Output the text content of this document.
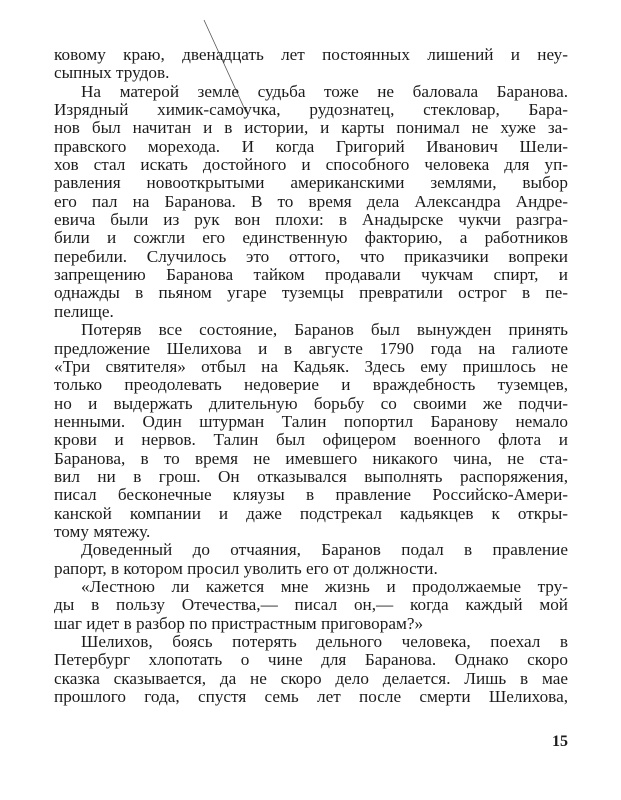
ковому краю, двенадцать лет постоянных лишений и неу-
сыпных трудов.
На матерой земле судьба тоже не баловала Баранова.
Изрядный химик-самоучка, рудознатец, стекловар, Бара-
нов был начитан и в истории, и карты понимал не хуже за-
правского морехода. И когда Григорий Иванович Шели-
хов стал искать достойного и способного человека для уп-
равления новооткрытыми американскими землями, выбор
его пал на Баранова. В то время дела Александра Андре-
евича были из рук вон плохи: в Анадырске чукчи разгра-
били и сожгли его единственную факторию, а работников
перебили. Случилось это оттого, что приказчики вопреки
запрещению Баранова тайком продавали чукчам спирт, и
однажды в пьяном угаре туземцы превратили острог в пе-
пелище.
Потеряв все состояние, Баранов был вынужден принять
предложение Шелихова и в августе 1790 года на галиоте
«Три святителя» отбыл на Кадьяк. Здесь ему пришлось не
только преодолевать недоверие и враждебность туземцев,
но и выдержать длительную борьбу со своими же подчи-
ненными. Один штурман Талин попортил Баранову немало
крови и нервов. Талин был офицером военного флота и
Баранова, в то время не имевшего никакого чина, не ста-
вил ни в грош. Он отказывался выполнять распоряжения,
писал бесконечные кляузы в правление Российско-Амери-
канской компании и даже подстрекал кадьякцев к откры-
тому мятежу.
Доведенный до отчаяния, Баранов подал в правление
рапорт, в котором просил уволить его от должности.
«Лестною ли кажется мне жизнь и продолжаемые тру-
ды в пользу Отечества,— писал он,— когда каждый мой
шаг идет в разбор по пристрастным приговорам?»
Шелихов, боясь потерять дельного человека, поехал в
Петербург хлопотать о чине для Баранова. Однако скоро
сказка сказывается, да не скоро дело делается. Лишь в мае
прошлого года, спустя семь лет после смерти Шелихова,
15
